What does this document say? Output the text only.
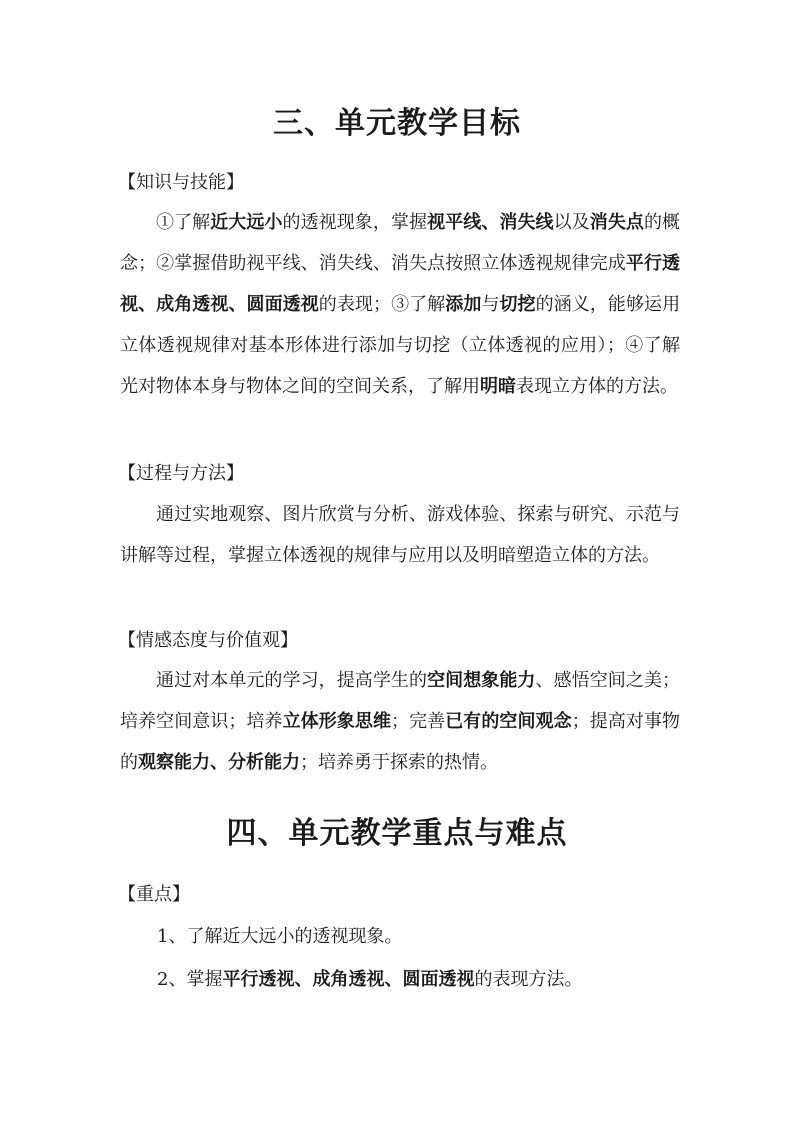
三、单元教学目标
【知识与技能】
①了解近大远小的透视现象，掌握视平线、消失线以及消失点的概念；②掌握借助视平线、消失线、消失点按照立体透视规律完成平行透视、成角透视、圆面透视的表现；③了解添加与切挖的涵义，能够运用立体透视规律对基本形体进行添加与切挖（立体透视的应用）；④了解光对物体本身与物体之间的空间关系，了解用明暗表现立方体的方法。
【过程与方法】
通过实地观察、图片欣赏与分析、游戏体验、探索与研究、示范与讲解等过程，掌握立体透视的规律与应用以及明暗塑造立体的方法。
【情感态度与价值观】
通过对本单元的学习，提高学生的空间想象能力、感悟空间之美；培养空间意识；培养立体形象思维；完善已有的空间观念；提高对事物的观察能力、分析能力；培养勇于探索的热情。
四、单元教学重点与难点
【重点】
1、了解近大远小的透视现象。
2、掌握平行透视、成角透视、圆面透视的表现方法。
